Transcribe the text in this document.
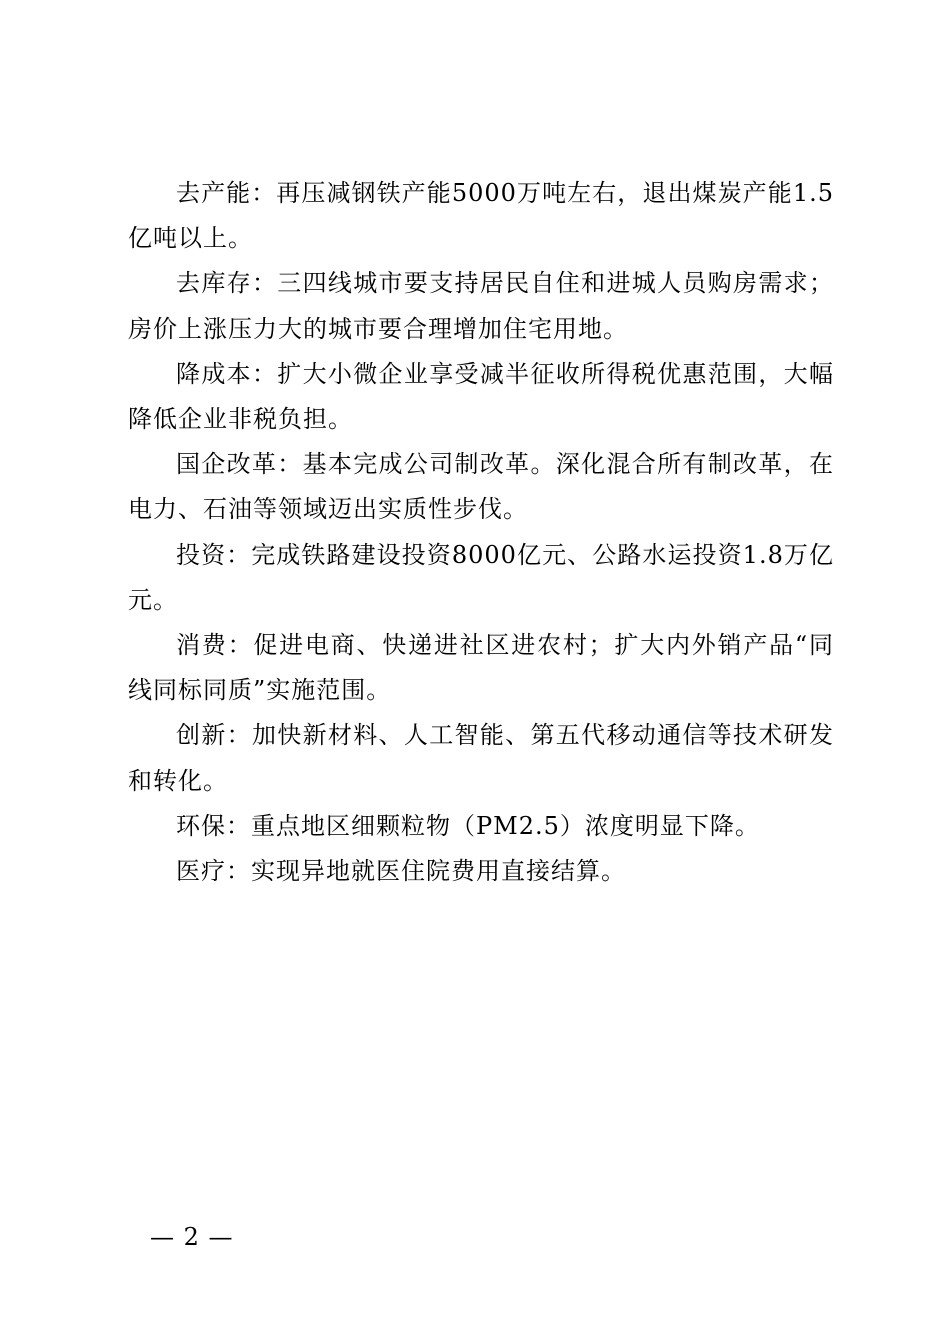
去产能：再压减钢铁产能5000万吨左右，退出煤炭产能1.5亿吨以上。

去库存：三四线城市要支持居民自住和进城人员购房需求；房价上涨压力大的城市要合理增加住宅用地。

降成本：扩大小微企业享受减半征收所得税优惠范围，大幅降低企业非税负担。

国企改革：基本完成公司制改革。深化混合所有制改革，在电力、石油等领域迈出实质性步伐。

投资：完成铁路建设投资8000亿元、公路水运投资1.8万亿元。

消费：促进电商、快递进社区进农村；扩大内外销产品“同线同标同质”实施范围。

创新：加快新材料、人工智能、第五代移动通信等技术研发和转化。

环保：重点地区细颗粒物（PM2.5）浓度明显下降。

医疗：实现异地就医住院费用直接结算。

— 2 —
